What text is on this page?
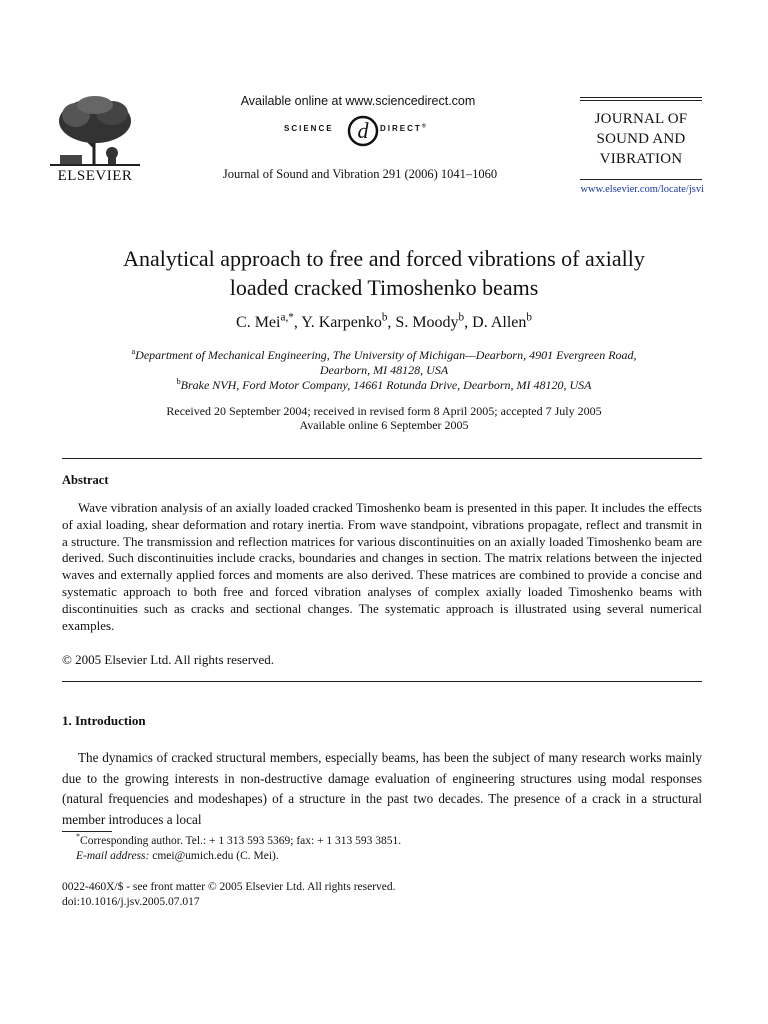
ELSEVIER
Available online at www.sciencedirect.com
SCIENCE d DIRECT®
Journal of Sound and Vibration 291 (2006) 1041–1060
JOURNAL OF
SOUND AND
VIBRATION
www.elsevier.com/locate/jsvi
Analytical approach to free and forced vibrations of axially
loaded cracked Timoshenko beams
C. Mei$^{a,*}$, Y. Karpenko$^b$, S. Moody$^b$, D. Allen$^b$
$^a$Department of Mechanical Engineering, The University of Michigan—Dearborn, 4901 Evergreen Road,
Dearborn, MI 48128, USA
$^b$Brake NVH, Ford Motor Company, 14661 Rotunda Drive, Dearborn, MI 48120, USA
Received 20 September 2004; received in revised form 8 April 2005; accepted 7 July 2005
Available online 6 September 2005
Abstract

Wave vibration analysis of an axially loaded cracked Timoshenko beam is presented in this paper. It includes the effects of axial loading, shear deformation and rotary inertia. From wave standpoint, vibrations propagate, reflect and transmit in a structure. The transmission and reflection matrices for various discontinuities on an axially loaded Timoshenko beam are derived. Such discontinuities include cracks, boundaries and changes in section. The matrix relations between the injected waves and externally applied forces and moments are also derived. These matrices are combined to provide a concise and systematic approach to both free and forced vibration analyses of complex axially loaded Timoshenko beams with discontinuities such as cracks and sectional changes. The systematic approach is illustrated using several numerical examples.

© 2005 Elsevier Ltd. All rights reserved.
1. Introduction

The dynamics of cracked structural members, especially beams, has been the subject of many research works mainly due to the growing interests in non-destructive damage evaluation of engineering structures using modal responses (natural frequencies and modeshapes) of a structure in the past two decades. The presence of a crack in a structural member introduces a local

*Corresponding author. Tel.: + 1 313 593 5369; fax: + 1 313 593 3851.
E-mail address: cmei@umich.edu (C. Mei).
0022-460X/$ - see front matter © 2005 Elsevier Ltd. All rights reserved.
doi:10.1016/j.jsv.2005.07.017
